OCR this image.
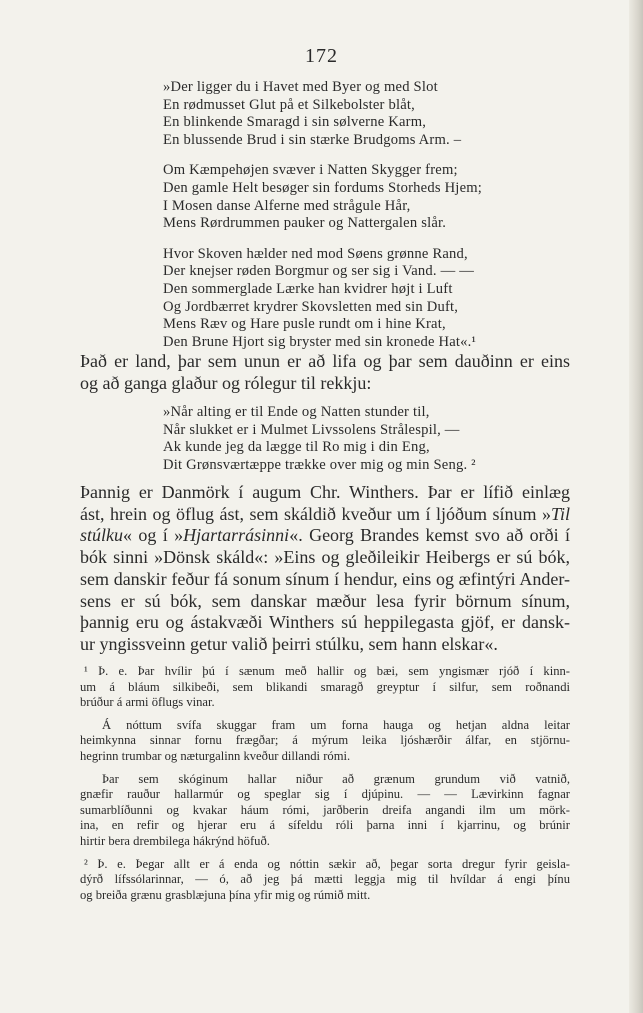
172
»Der ligger du i Havet med Byer og med Slot
En rødmusset Glut på et Silkebolster blåt,
En blinkende Smaragd i sin sølverne Karm,
En blussende Brud i sin stærke Brudgoms Arm. –
Om Kæmpehøjen svæver i Natten Skygger frem;
Den gamle Helt besøger sin fordums Storheds Hjem;
I Mosen danse Alferne med strågule Hår,
Mens Rørdrummen pauker og Nattergalen slår.
Hvor Skoven hælder ned mod Søens grønne Rand,
Der knejser røden Borgmur og ser sig i Vand. — —
Den sommerglade Lærke han kvidrer højt i Luft
Og Jordbærret krydrer Skovsletten med sin Duft,
Mens Ræv og Hare pusle rundt om i hine Krat,
Den Brune Hjort sig bryster med sin kronede Hat«.¹
Það er land, þar sem unun er að lifa og þar sem dauðinn er eins
og að ganga glaður og rólegur til rekkju:
»Når alting er til Ende og Natten stunder til,
Når slukket er i Mulmet Livssolens Strålespil, —
Ak kunde jeg da lægge til Ro mig i din Eng,
Dit Grønsværtæppe trække over mig og min Seng. ²
Þannig er Danmörk í augum Chr. Winthers. Þar er lífið einlæg
ást, hrein og öflug ást, sem skáldið kveður um í ljóðum sínum »Til
stúlku« og í »Hjartarrásinni«. Georg Brandes kemst svo að orði í
bók sinni »Dönsk skáld«: »Eins og gleðileikir Heibergs er sú bók,
sem danskir feður fá sonum sínum í hendur, eins og æfintýri Ander-
sens er sú bók, sem danskar mæður lesa fyrir börnum sínum,
þannig eru og ástakvæði Winthers sú heppilegasta gjöf, er dansk-
ur yngissveinn getur valið þeirri stúlku, sem hann elskar«.
¹ Þ. e. Þar hvílir þú í sænum með hallir og bæi, sem yngismær rjóð í kinn-
um á bláum silkibeði, sem blikandi smaragð greyptur í silfur, sem roðnandi
brúður á armi öflugs vinar.
Á nóttum svífa skuggar fram um forna hauga og hetjan aldna leitar
heimkynna sinnar fornu frægðar; á mýrum leika ljóshærðir álfar, en stjörnu-
hegrinn trumbar og næturgalinn kveður dillandi rómi.
Þar sem skóginum hallar niður að grænum grundum við vatnið,
gnæfir rauður hallarmúr og speglar sig í djúpinu. — — Lævirkinn fagnar
sumarblíðunni og kvakar háum rómi, jarðberin dreifa angandi ilm um mörk-
ina, en refir og hjerar eru á sífeldu róli þarna inni í kjarrinu, og brúnir
hirtir bera drembilega hákrýnd höfuð.
² Þ. e. Þegar allt er á enda og nóttin sækir að, þegar sorta dregur fyrir geisla-
dýrð lífssólarinnar, — ó, að jeg þá mætti leggja mig til hvíldar á engi þínu
og breiða grænu grasblæjuna þína yfir mig og rúmið mitt.
